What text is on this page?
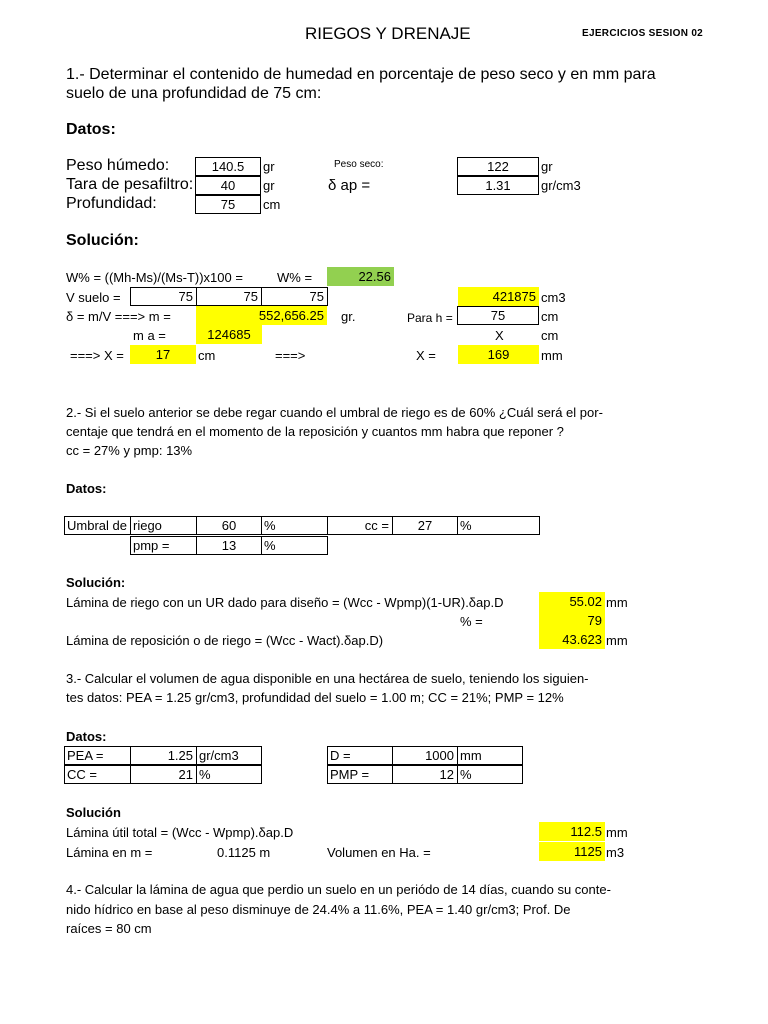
RIEGOS Y DRENAJE	EJERCICIOS SESION 02
1.- Determinar el contenido de humedad en porcentaje de peso seco y en mm para
suelo de una profundidad de 75 cm:
Datos:
Peso húmedo:	140.5	gr
Tara de pesafiltro:	40	gr
Profundidad:	75	cm
Peso seco:	122	gr
δ ap =	1.31	gr/cm3
Solución:
W% = ((Mh-Ms)/(Ms-T))x100 =	W% =	22.56
V suelo =	75	75	75	421875 cm3
δ = m/V ===> m =	552,656.25 gr.	Para h =	75	cm
m a =	124685	X	cm
===> X =	17	cm	===>	X =	169	mm
2.- Si el suelo anterior se debe regar cuando el umbral de riego es de 60% ¿Cuál será el por-
centaje que tendrá en el momento de la reposición y cuantos mm habra que reponer ?
cc = 27% y pmp: 13%
Datos:
Umbral de riego	60	%	cc =	27	%
pmp =	13	%
Solución:
Lámina de riego con un UR dado para diseño = (Wcc - Wpmp)(1-UR).δap.D	55.02 mm
% =	79
Lámina de reposición o de riego = (Wcc - Wact).δap.D)	43.623 mm
3.- Calcular el volumen de agua disponible en una hectárea de suelo, teniendo los siguien-
tes datos: PEA = 1.25 gr/cm3, profundidad del suelo = 1.00 m; CC = 21%; PMP = 12%
Datos:
PEA =	1.25 gr/cm3
CC =	21 %
D =	1000 mm
PMP =	12 %
Solución
Lámina útil total = (Wcc - Wpmp).δap.D	112.5 mm
Lámina en m =	0.1125 m	Volumen en Ha. =	1125 m3
4.- Calcular la lámina de agua que perdio un suelo en un periódo de 14 días, cuando su conte-
nido hídrico en base al peso disminuye de 24.4% a 11.6%, PEA = 1.40 gr/cm3; Prof. De
raíces = 80 cm
